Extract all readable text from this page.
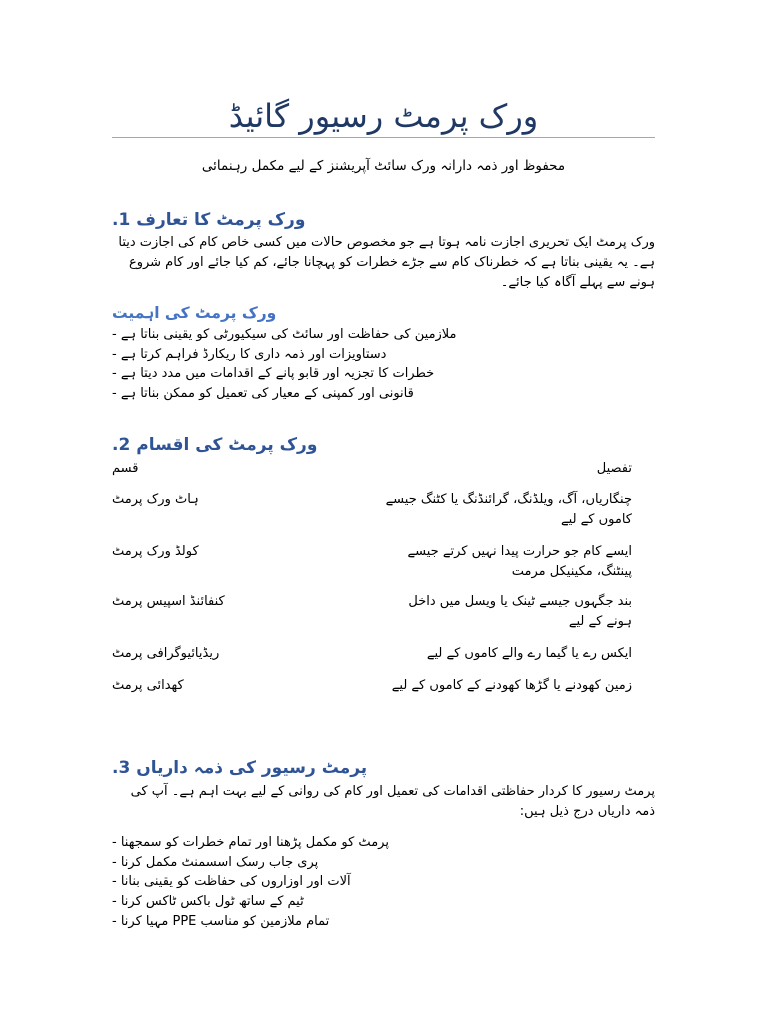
ورک پرمٹ رسیور گائیڈ
محفوظ اور ذمہ دارانہ ورک سائٹ آپریشنز کے لیے مکمل رہنمائی
ورک پرمٹ کا تعارف 1.
ورک پرمٹ ایک تحریری اجازت نامہ ہوتا ہے جو مخصوص حالات میں کسی خاص کام کی اجازت دیتا ہے۔ یہ یقینی بناتا ہے کہ خطرناک کام سے جڑے خطرات کو پہچانا جائے، کم کیا جائے اور کام شروع ہونے سے پہلے آگاہ کیا جائے۔
ورک پرمٹ کی اہمیت
ملازمین کی حفاظت اور سائٹ کی سیکیورٹی کو یقینی بناتا ہے -
دستاویزات اور ذمہ داری کا ریکارڈ فراہم کرتا ہے -
خطرات کا تجزیہ اور قابو پانے کے اقدامات میں مدد دیتا ہے -
قانونی اور کمپنی کے معیار کی تعمیل کو ممکن بناتا ہے -
ورک پرمٹ کی اقسام 2.
قسم	تفصیل
ہاٹ ورک پرمٹ	چنگاریاں، آگ، ویلڈنگ، گرائنڈنگ یا کٹنگ جیسے کاموں کے لیے
کولڈ ورک پرمٹ	ایسے کام جو حرارت پیدا نہیں کرتے جیسے پینٹنگ، مکینیکل مرمت
کنفائنڈ اسپیس پرمٹ	بند جگہوں جیسے ٹینک یا ویسل میں داخل ہونے کے لیے
ریڈیائیوگرافی پرمٹ	ایکس رے یا گیما رے والے کاموں کے لیے
کھدائی پرمٹ	زمین کھودنے یا گڑھا کھودنے کے کاموں کے لیے
پرمٹ رسیور کی ذمہ داریاں 3.
پرمٹ رسیور کا کردار حفاظتی اقدامات کی تعمیل اور کام کی روانی کے لیے بہت اہم ہے۔ آپ کی ذمہ داریاں درج ذیل ہیں:
پرمٹ کو مکمل پڑھنا اور تمام خطرات کو سمجھنا -
پری جاب رسک اسسمنٹ مکمل کرنا -
آلات اور اوزاروں کی حفاظت کو یقینی بنانا -
ٹیم کے ساتھ ٹول باکس ٹاکس کرنا -
تمام ملازمین کو مناسب PPE مہیا کرنا -
